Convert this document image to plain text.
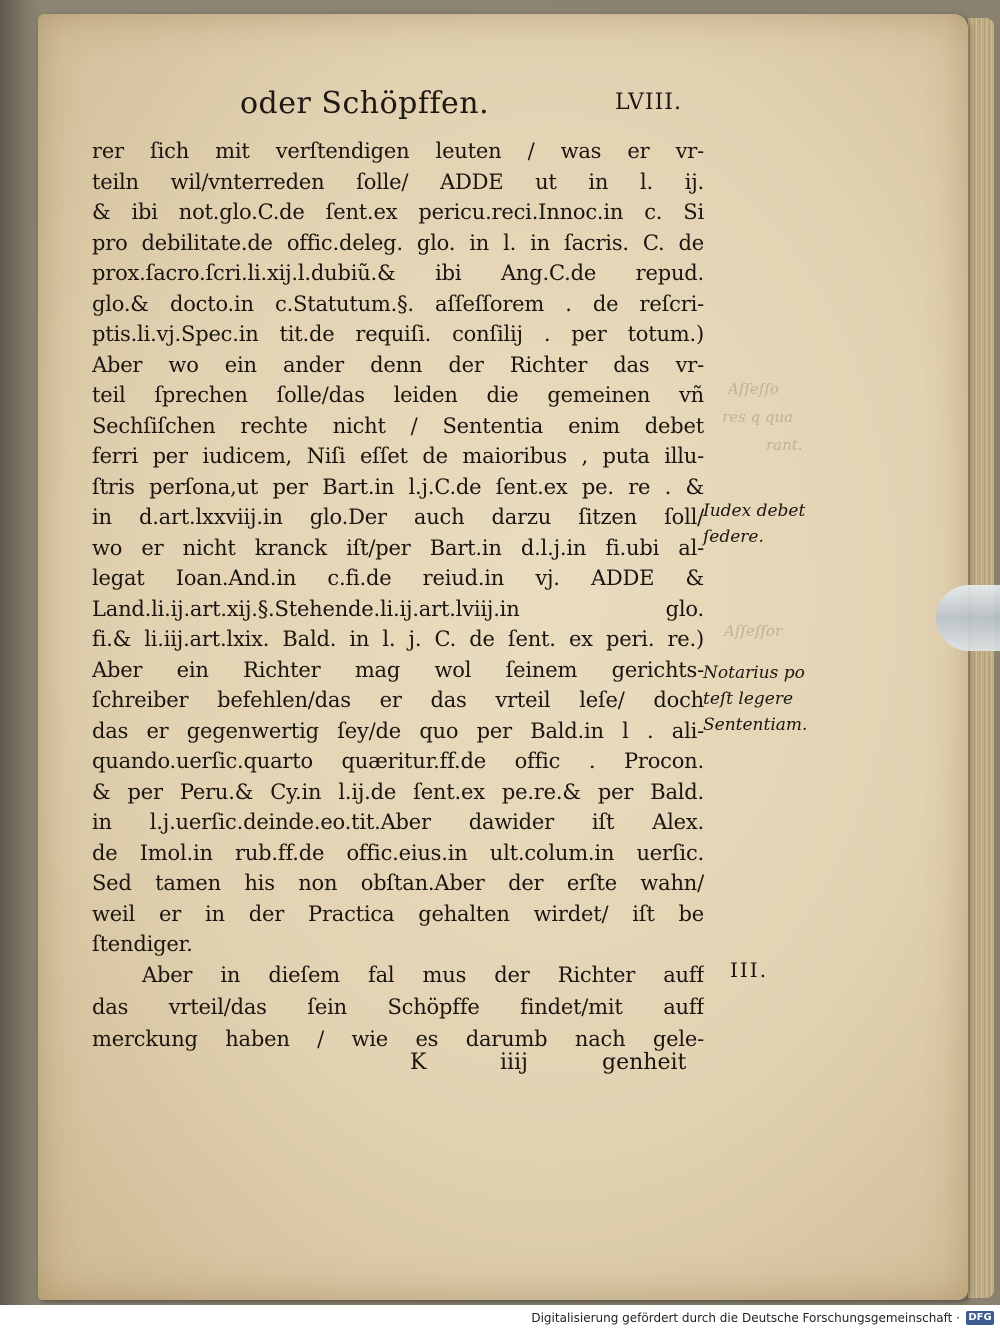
Aſſeſſo
res q qua
rant.
Aſſeſſor
oder Schöpffen.	LVIII.
rer ſich mit verſtendigen leuten / was er vr-
teiln wil/vnterreden ſolle/ ADDE ut in l. ij.
& ibi not.glo.C.de ſent.ex pericu.reci.Innoc.in c. Si
pro debilitate.de offic.deleg. glo. in l. in ſacris. C. de
prox.ſacro.ſcri.li.xij.l.dubiũ.& ibi Ang.C.de repud.
glo.& docto.in c.Statutum.§. aſſeſſorem . de reſcri-
ptis.li.vj.Spec.in tit.de requiſi. conſilij . per totum.)
Aber wo ein ander denn der Richter das vr-
teil ſprechen ſolle/das leiden die gemeinen vñ
Sechſiſchen rechte nicht / Sententia enim debet
ferri per iudicem, Niſi eſſet de maioribus , puta illu-
ſtris perſona,ut per Bart.in l.j.C.de ſent.ex pe. re . &
in d.art.lxxviij.in glo.Der auch darzu ſitzen ſoll/
wo er nicht kranck iſt/per Bart.in d.l.j.in fi.ubi al-
legat Ioan.And.in c.fi.de reiud.in vj. ADDE &
Land.li.ij.art.xij.§.Stehende.li.ij.art.lviij.in glo.
fi.& li.iij.art.lxix. Bald. in l. j. C. de ſent. ex peri. re.)
Aber ein Richter mag wol ſeinem gerichts-
ſchreiber befehlen/das er das vrteil leſe/ doch
das er gegenwertig ſey/de quo per Bald.in l . ali-
quando.uerſic.quarto quæritur.ff.de offic . Procon.
& per Peru.& Cy.in l.ij.de ſent.ex pe.re.& per Bald.
in l.j.uerſic.deinde.eo.tit.Aber dawider iſt Alex.
de Imol.in rub.ff.de offic.eius.in ult.colum.in uerſic.
Sed tamen his non obſtan.Aber der erſte wahn/
weil er in der Practica gehalten wirdet/ iſt be
ſtendiger.
Aber in dieſem fal mus der Richter auff
das vrteil/das ſein Schöpffe findet/mit auff
merckung haben / wie es darumb nach gele-
K	iiij	genheit
Iudex debet
ſedere.
Notarius po
teſt legere
Sententiam.
III.
Digitalisierung gefördert durch die Deutsche Forschungsgemeinschaft · DFG
